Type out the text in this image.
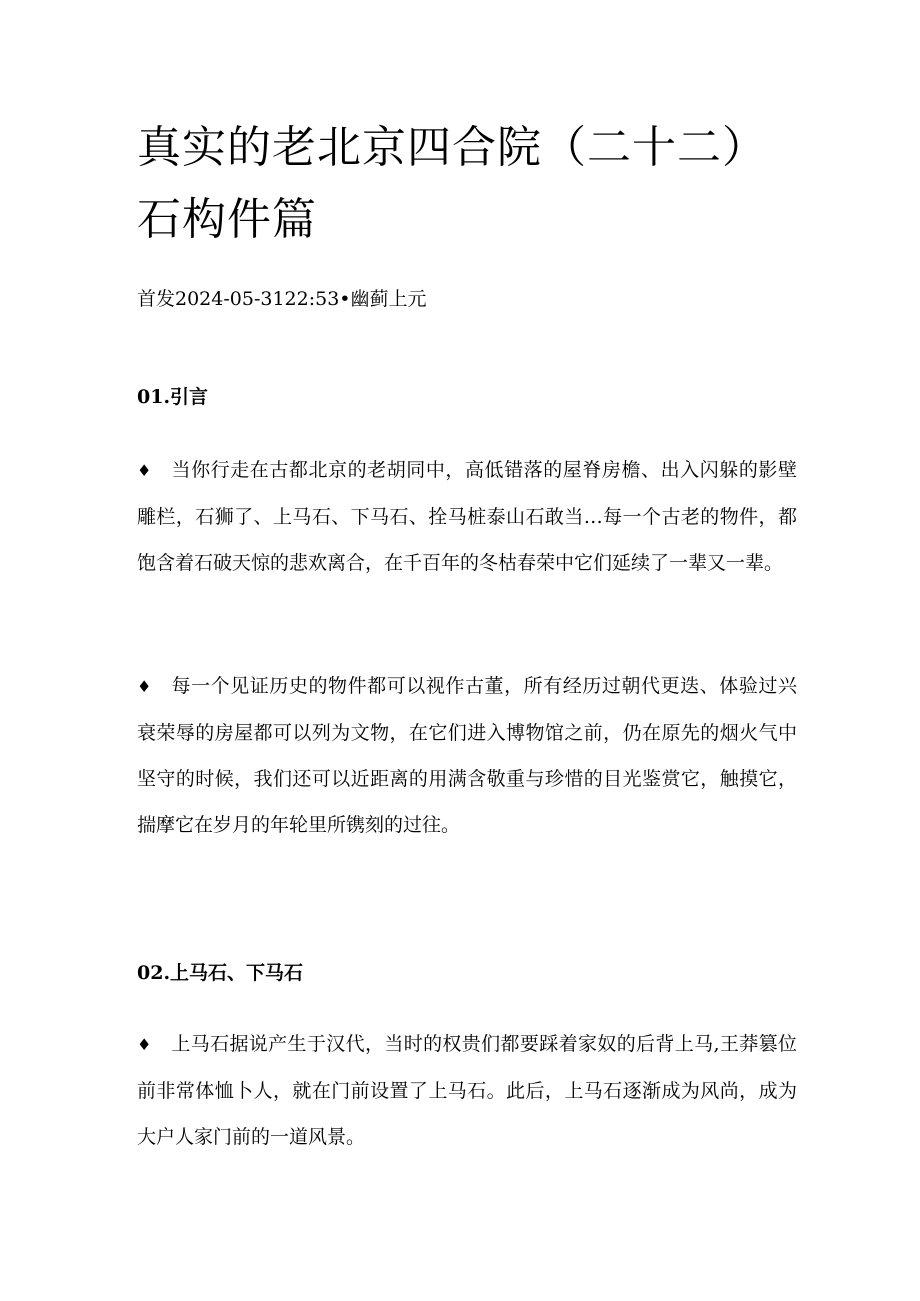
真实的老北京四合院（二十二）石构件篇

首发2024-05-3122:53•幽蓟上元

01.引言

♦ 当你行走在古都北京的老胡同中，高低错落的屋脊房檐、出入闪躲的影壁雕栏，石狮了、上马石、下马石、拴马桩泰山石敢当…每一个古老的物件，都饱含着石破天惊的悲欢离合，在千百年的冬枯春荣中它们延续了一辈又一辈。

♦ 每一个见证历史的物件都可以视作古董，所有经历过朝代更迭、体验过兴衰荣辱的房屋都可以列为文物，在它们进入博物馆之前，仍在原先的烟火气中坚守的时候，我们还可以近距离的用满含敬重与珍惜的目光鉴赏它，触摸它，揣摩它在岁月的年轮里所镌刻的过往。

02.上马石、下马石

♦ 上马石据说产生于汉代，当时的权贵们都要踩着家奴的后背上马,王莽篡位前非常体恤卜人，就在门前设置了上马石。此后，上马石逐渐成为风尚，成为大户人家门前的一道风景。
